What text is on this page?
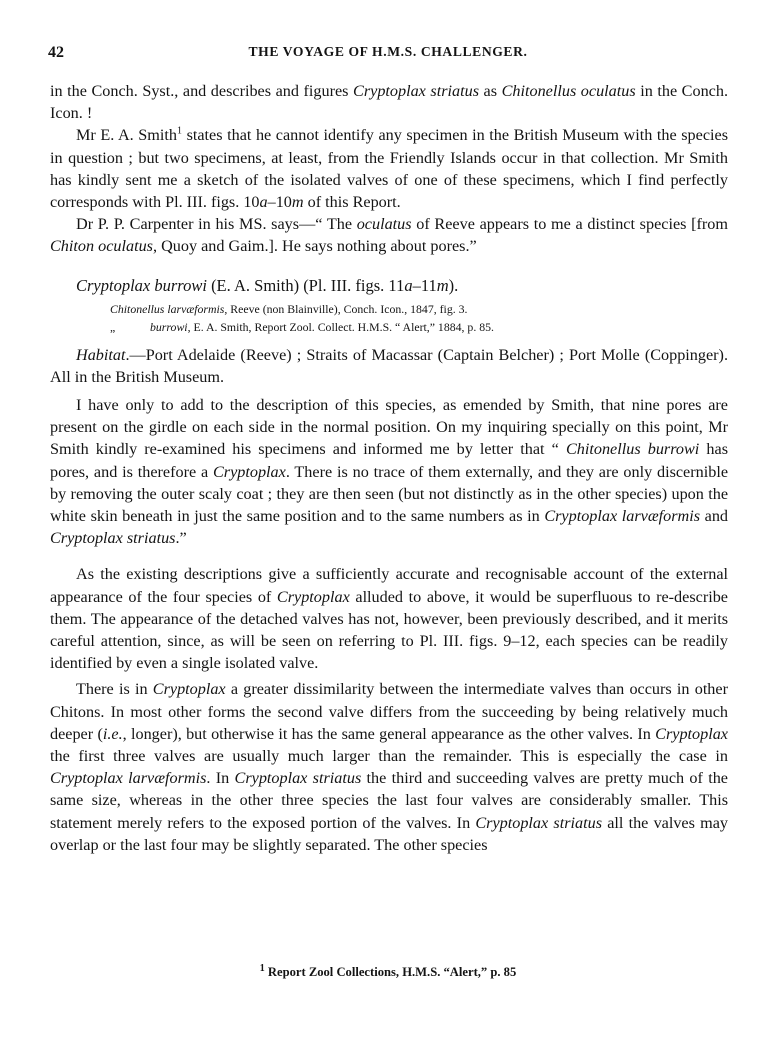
42	THE VOYAGE OF H.M.S. CHALLENGER.

in the Conch. Syst., and describes and figures Cryptoplax striatus as Chitonellus oculatus in the Conch. Icon. !

Mr E. A. Smith$^1$ states that he cannot identify any specimen in the British Museum with the species in question ; but two specimens, at least, from the Friendly Islands occur in that collection. Mr Smith has kindly sent me a sketch of the isolated valves of one of these specimens, which I find perfectly corresponds with Pl. III. figs. 10a–10m of this Report.

Dr P. P. Carpenter in his MS. says—“ The oculatus of Reeve appears to me a distinct species [from Chiton oculatus, Quoy and Gaim.]. He says nothing about pores.”

Cryptoplax burrowi (E. A. Smith) (Pl. III. figs. 11a–11m).

Chitonellus larvæformis, Reeve (non Blainville), Conch. Icon., 1847, fig. 3.

„	burrowi, E. A. Smith, Report Zool. Collect. H.M.S. “ Alert,” 1884, p. 85.

Habitat.—Port Adelaide (Reeve) ; Straits of Macassar (Captain Belcher) ; Port Molle (Coppinger). All in the British Museum.

I have only to add to the description of this species, as emended by Smith, that nine pores are present on the girdle on each side in the normal position. On my inquiring specially on this point, Mr Smith kindly re-examined his specimens and informed me by letter that “ Chitonellus burrowi has pores, and is therefore a Cryptoplax. There is no trace of them externally, and they are only discernible by removing the outer scaly coat ; they are then seen (but not distinctly as in the other species) upon the white skin beneath in just the same position and to the same numbers as in Cryptoplax larvæformis and Cryptoplax striatus.”

As the existing descriptions give a sufficiently accurate and recognisable account of the external appearance of the four species of Cryptoplax alluded to above, it would be superfluous to re-describe them. The appearance of the detached valves has not, however, been previously described, and it merits careful attention, since, as will be seen on referring to Pl. III. figs. 9–12, each species can be readily identified by even a single isolated valve.

There is in Cryptoplax a greater dissimilarity between the intermediate valves than occurs in other Chitons. In most other forms the second valve differs from the succeeding by being relatively much deeper (i.e., longer), but otherwise it has the same general appearance as the other valves. In Cryptoplax the first three valves are usually much larger than the remainder. This is especially the case in Cryptoplax larvæformis. In Cryptoplax striatus the third and succeeding valves are pretty much of the same size, whereas in the other three species the last four valves are considerably smaller. This statement merely refers to the exposed portion of the valves. In Cryptoplax striatus all the valves may overlap or the last four may be slightly separated. The other species

$^1$ Report Zool Collections, H.M.S. “Alert,” p. 85
